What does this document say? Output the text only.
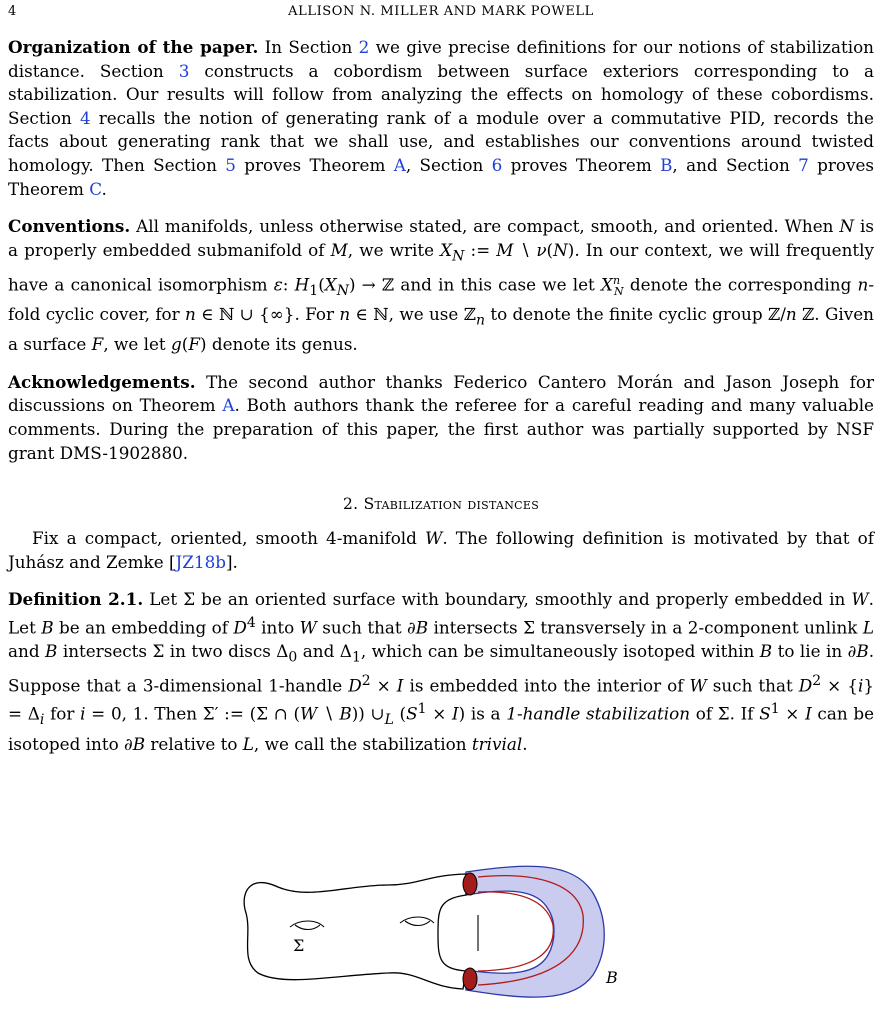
4	ALLISON N. MILLER AND MARK POWELL

Organization of the paper. In Section 2 we give precise definitions for our notions of stabilization distance. Section 3 constructs a cobordism between surface exteriors corresponding to a stabilization. Our results will follow from analyzing the effects on homology of these cobordisms. Section 4 recalls the notion of generating rank of a module over a commutative PID, records the facts about generating rank that we shall use, and establishes our conventions around twisted homology. Then Section 5 proves Theorem A, Section 6 proves Theorem B, and Section 7 proves Theorem C.

Conventions. All manifolds, unless otherwise stated, are compact, smooth, and oriented. When N is a properly embedded submanifold of M, we write $X_N$ := M ∖ ν(N). In our context, we will frequently have a canonical isomorphism ε: $H_1(X_N)$ → ℤ and in this case we let $X^n_N$ denote the corresponding n-fold cyclic cover, for n ∈ ℕ ∪ {∞}. For n ∈ ℕ, we use ℤ$_n$ to denote the finite cyclic group ℤ/n ℤ. Given a surface F, we let g(F) denote its genus.

Acknowledgements. The second author thanks Federico Cantero Morán and Jason Joseph for discussions on Theorem A. Both authors thank the referee for a careful reading and many valuable comments. During the preparation of this paper, the first author was partially supported by NSF grant DMS-1902880.

2. Stabilization distances

Fix a compact, oriented, smooth 4-manifold W. The following definition is motivated by that of Juhász and Zemke [JZ18b].

Definition 2.1. Let Σ be an oriented surface with boundary, smoothly and properly embedded in W. Let B be an embedding of $D^4$ into W such that ∂B intersects Σ transversely in a 2-component unlink L and B intersects Σ in two discs $\Delta_0$ and $\Delta_1$, which can be simultaneously isotoped within B to lie in ∂B. Suppose that a 3-dimensional 1-handle $D^2 \times I$ is embedded into the interior of W such that $D^2 \times \{i\} = \Delta_i$ for i = 0, 1. Then Σ′ := (Σ ∩ (W ∖ B)) $\cup_L$ $(S^1 \times I)$ is a 1-handle stabilization of Σ. If $S^1 \times I$ can be isotoped into ∂B relative to L, we call the stabilization trivial.

Σ
B
